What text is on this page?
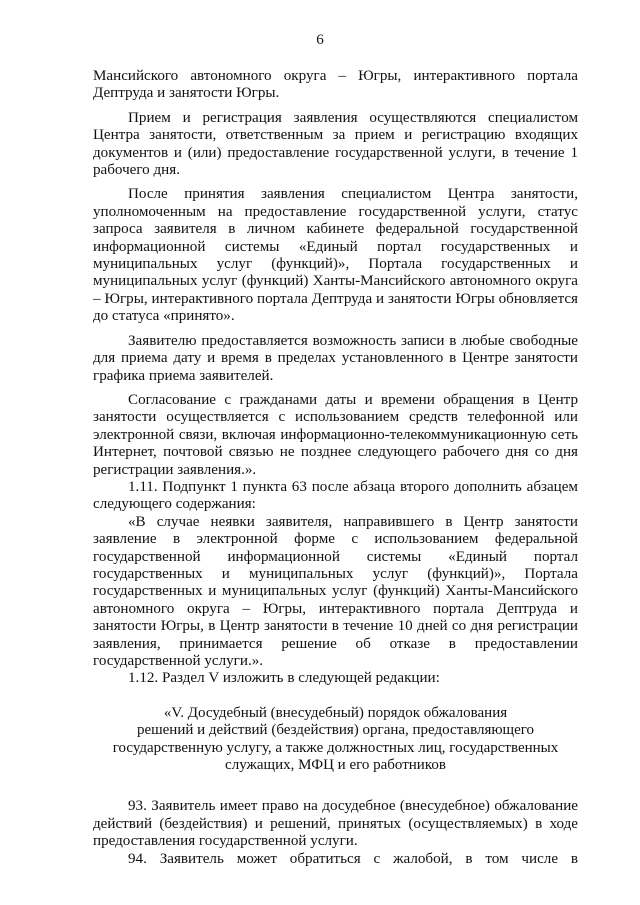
6

Мансийского автономного округа – Югры, интерактивного портала Дептруда и занятости Югры.

Прием и регистрация заявления осуществляются специалистом Центра занятости, ответственным за прием и регистрацию входящих документов и (или) предоставление государственной услуги, в течение 1 рабочего дня.

После принятия заявления специалистом Центра занятости, уполномоченным на предоставление государственной услуги, статус запроса заявителя в личном кабинете федеральной государственной информационной системы «Единый портал государственных и муниципальных услуг (функций)», Портала государственных и муниципальных услуг (функций) Ханты-Мансийского автономного округа – Югры, интерактивного портала Дептруда и занятости Югры обновляется до статуса «принято».

Заявителю предоставляется возможность записи в любые свободные для приема дату и время в пределах установленного в Центре занятости графика приема заявителей.

Согласование с гражданами даты и времени обращения в Центр занятости осуществляется с использованием средств телефонной или электронной связи, включая информационно-телекоммуникационную сеть Интернет, почтовой связью не позднее следующего рабочего дня со дня регистрации заявления.».

1.11. Подпункт 1 пункта 63 после абзаца второго дополнить абзацем следующего содержания:

«В случае неявки заявителя, направившего в Центр занятости заявление в электронной форме с использованием федеральной государственной информационной системы «Единый портал государственных и муниципальных услуг (функций)», Портала государственных и муниципальных услуг (функций) Ханты-Мансийского автономного округа – Югры, интерактивного портала Дептруда и занятости Югры, в Центр занятости в течение 10 дней со дня регистрации заявления, принимается решение об отказе в предоставлении государственной услуги.».

1.12. Раздел V изложить в следующей редакции:

«V. Досудебный (внесудебный) порядок обжалования

решений и действий (бездействия) органа, предоставляющего

государственную услугу, а также должностных лиц, государственных

служащих, МФЦ и его работников

93. Заявитель имеет право на досудебное (внесудебное) обжалование действий (бездействия) и решений, принятых (осуществляемых) в ходе предоставления государственной услуги.

94. Заявитель может обратиться с жалобой, в том числе в
